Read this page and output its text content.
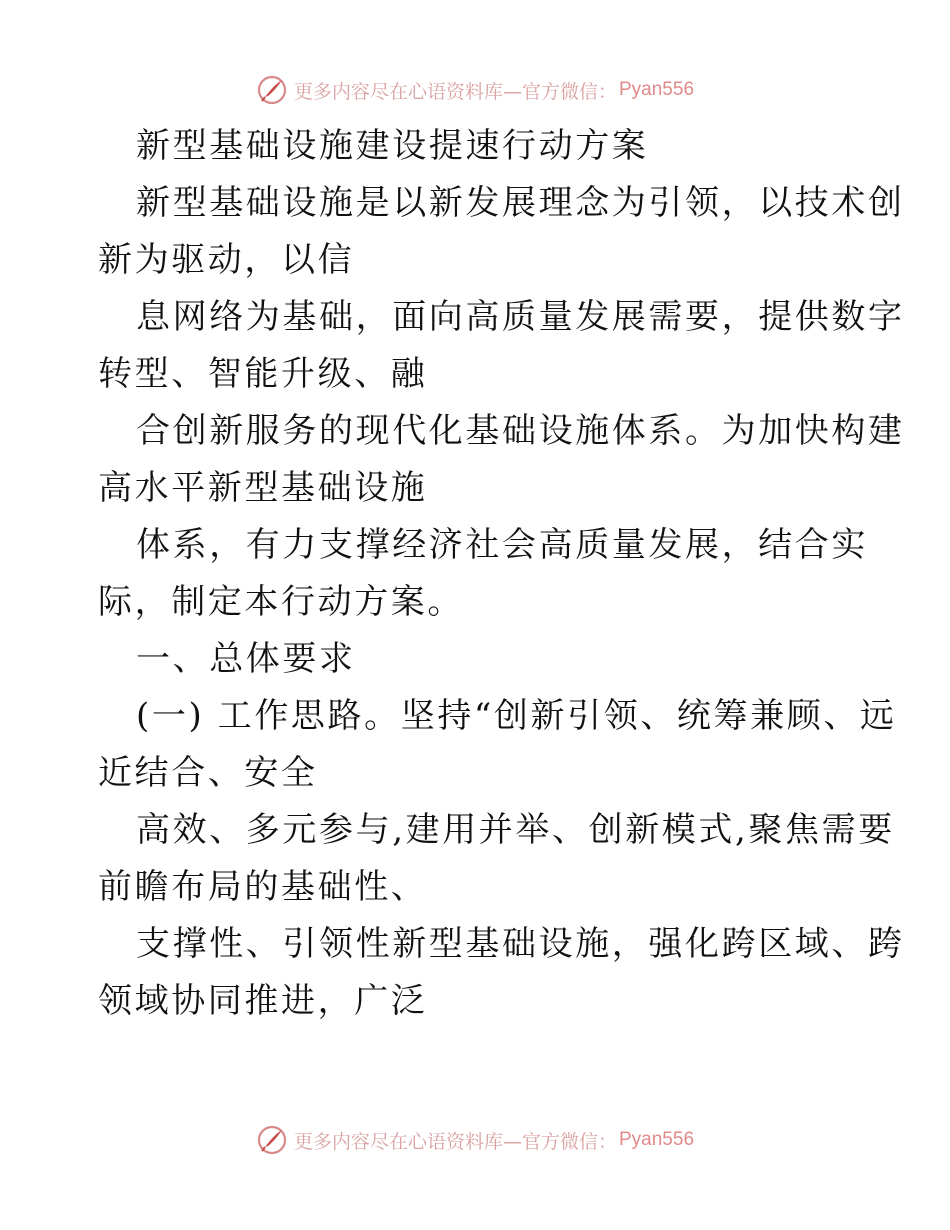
更多内容尽在心语资料库—官方微信： Pyan556
新型基础设施建设提速行动方案
新型基础设施是以新发展理念为引领，以技术创
新为驱动，以信
息网络为基础，面向高质量发展需要，提供数字
转型、智能升级、融
合创新服务的现代化基础设施体系。为加快构建
高水平新型基础设施
体系，有力支撑经济社会高质量发展，结合实
际，制定本行动方案。
一、总体要求
(一) 工作思路。坚持“创新引领、统筹兼顾、远
近结合、安全
高效、多元参与,建用并举、创新模式,聚焦需要
前瞻布局的基础性、
支撑性、引领性新型基础设施，强化跨区域、跨
领域协同推进，广泛
更多内容尽在心语资料库—官方微信： Pyan556
